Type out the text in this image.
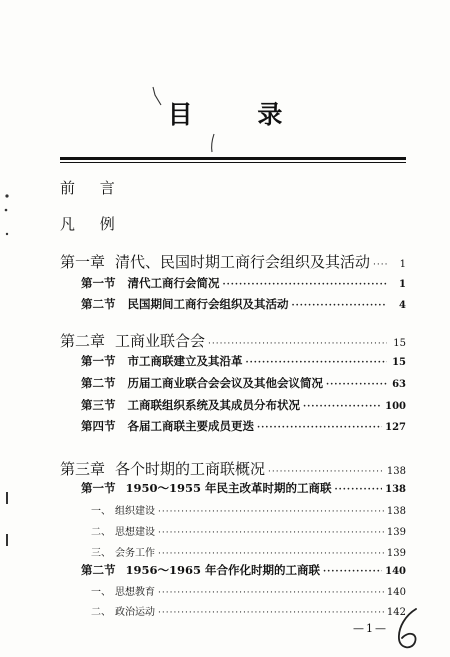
目 录
前 言
凡 例
第一章 清代、民国时期工商行会组织及其活动 ·····	1
第一节 清代工商行会简况 ·····	1
第二节 民国期间工商行会组织及其活动 ·····	4
第二章 工商业联合会 ·····	15
第一节 市工商联建立及其沿革 ·····	15
第二节 历届工商业联合会会议及其他会议简况 ·····	63
第三节 工商联组织系统及其成员分布状况 ·····	100
第四节 各届工商联主要成员更迭 ·····	127
第三章 各个时期的工商联概况 ·····	138
第一节 1950～1955 年民主改革时期的工商联 ·····	138
一、 组织建设 ·····	138
二、 思想建设 ·····	139
三、 会务工作 ·····	139
第二节 1956～1965 年合作化时期的工商联 ·····	140
一、 思想教育 ·····	140
二、 政治运动 ·····	142
—1—
